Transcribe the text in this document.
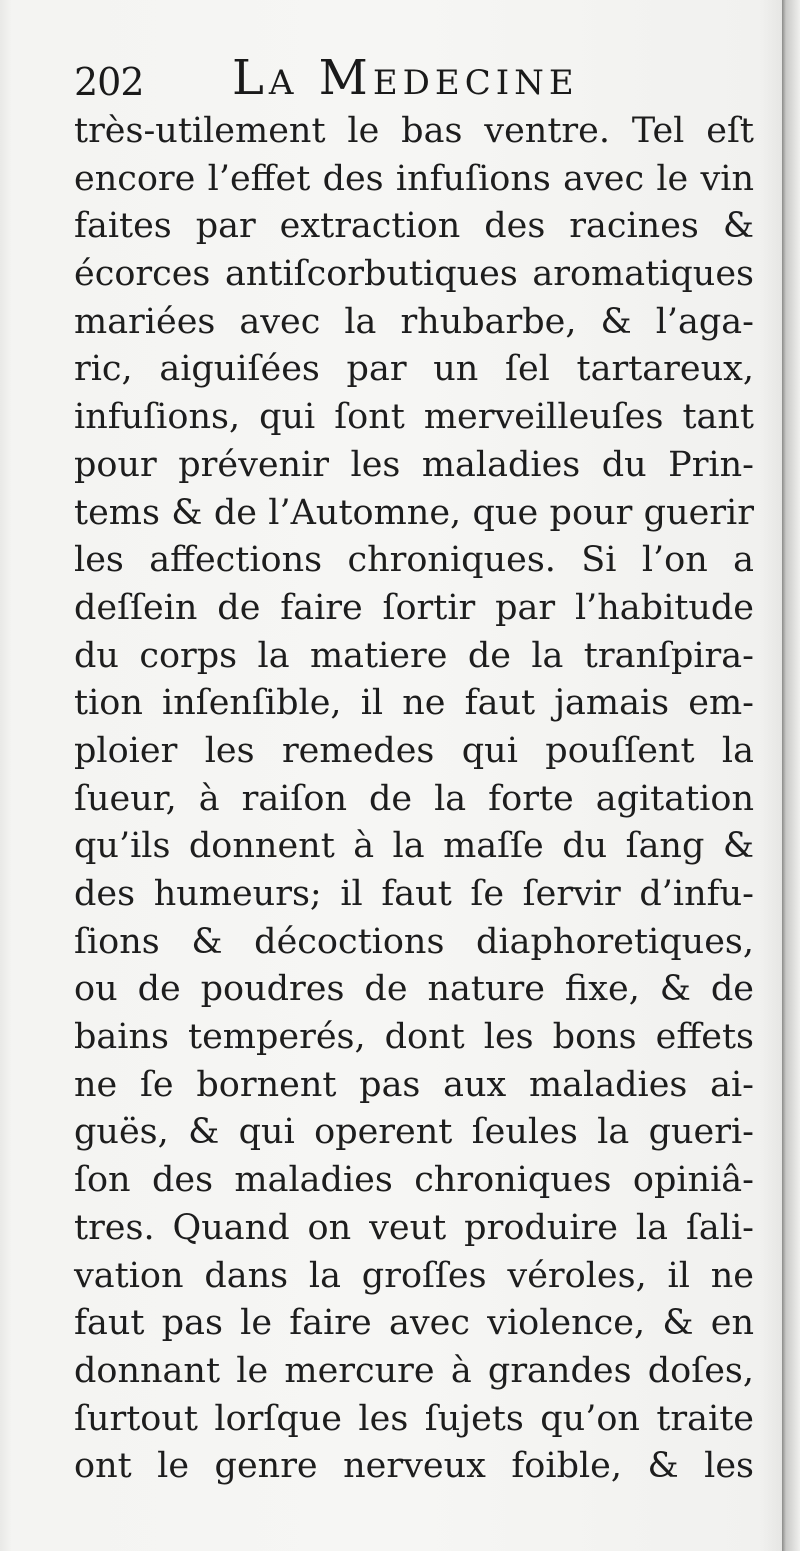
202 La Medecine
très-utilement le bas ventre. Tel eſt
encore l’effet des infuſions avec le vin
faites par extraction des racines &
écorces antiſcorbutiques aromatiques
mariées avec la rhubarbe, & l’aga-
ric, aiguiſées par un ſel tartareux,
infuſions, qui ſont merveilleuſes tant
pour prévenir les maladies du Prin-
tems & de l’Automne, que pour guerir
les affections chroniques. Si l’on a
deſſein de faire ſortir par l’habitude
du corps la matiere de la tranſpira-
tion inſenſible, il ne faut jamais em-
ploier les remedes qui pouſſent la
ſueur, à raiſon de la forte agitation
qu’ils donnent à la maſſe du ſang &
des humeurs; il faut ſe ſervir d’infu-
ſions & décoctions diaphoretiques,
ou de poudres de nature fixe, & de
bains temperés, dont les bons effets
ne ſe bornent pas aux maladies ai-
guës, & qui operent ſeules la gueri-
ſon des maladies chroniques opiniâ-
tres. Quand on veut produire la ſali-
vation dans la groſſes véroles, il ne
faut pas le faire avec violence, & en
donnant le mercure à grandes doſes,
ſurtout lorſque les ſujets qu’on traite
ont le genre nerveux foible, & les
